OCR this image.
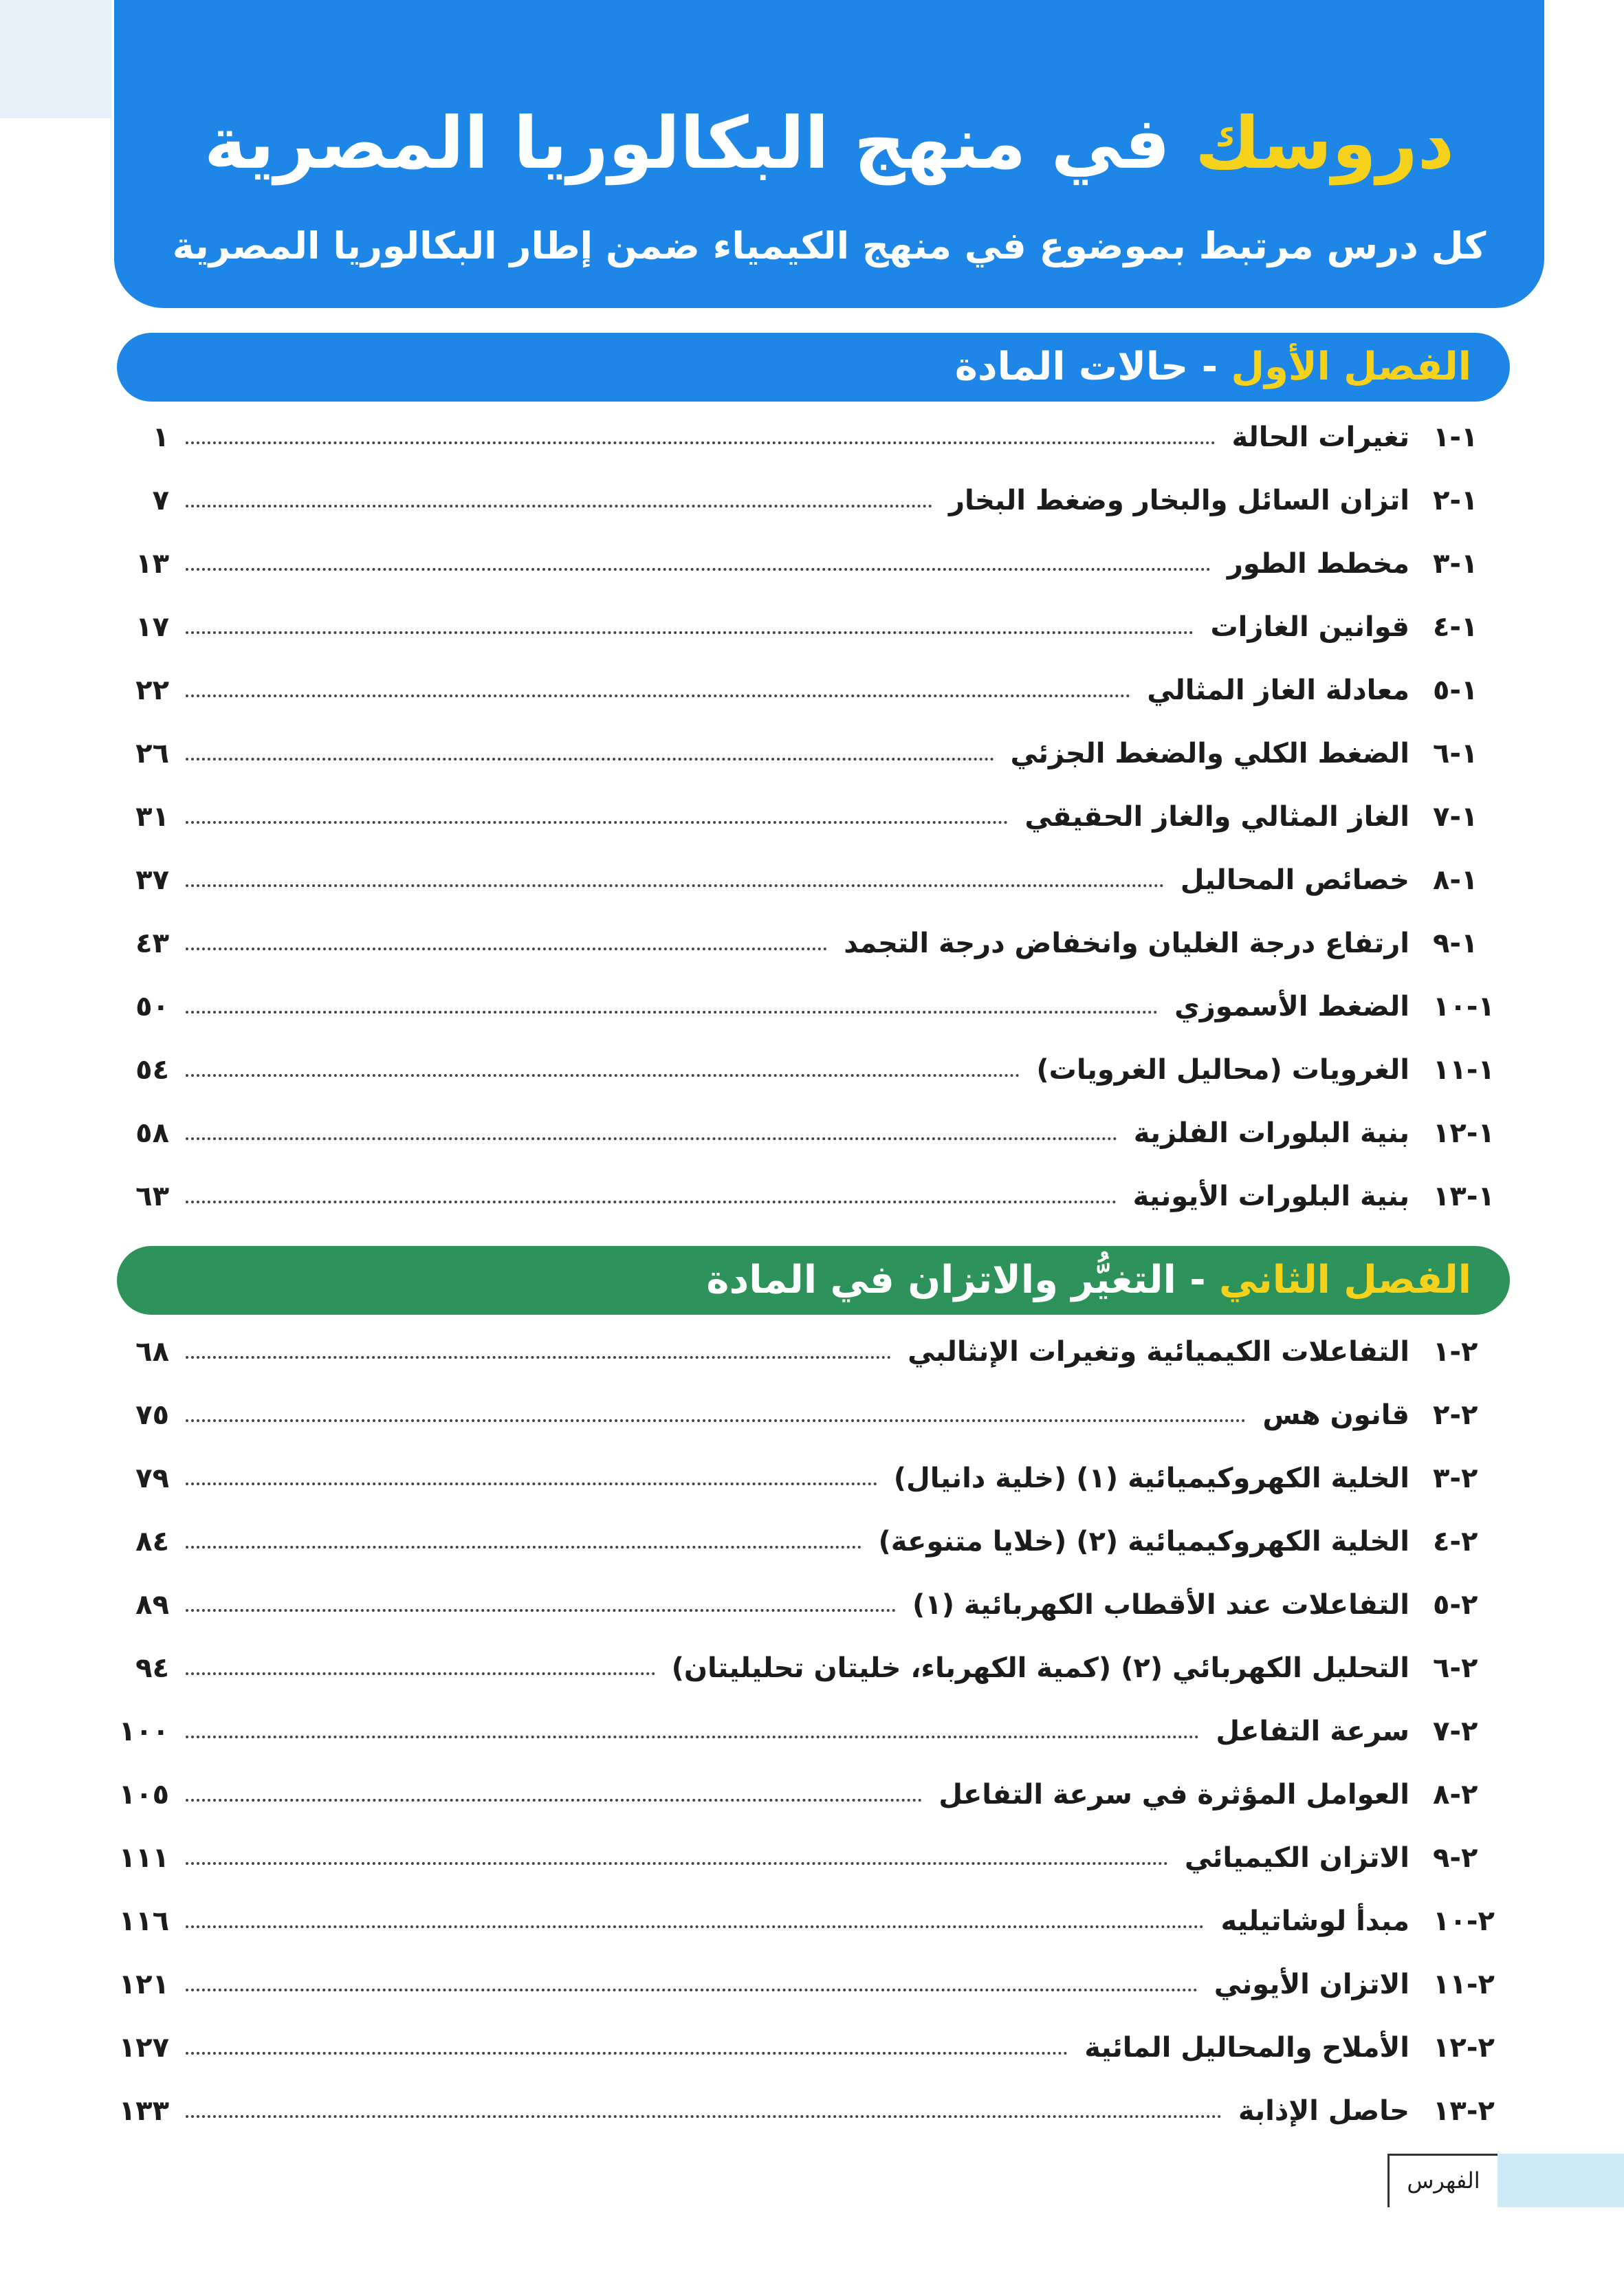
دروسك في منهج البكالوريا المصرية
كل درس مرتبط بموضوع في منهج الكيمياء ضمن إطار البكالوريا المصرية
الفصل الأول - حالات المادة
١-١
تغيرات الحالة
١
١-٢
اتزان السائل والبخار وضغط البخار
٧
١-٣
مخطط الطور
١٣
١-٤
قوانين الغازات
١٧
١-٥
معادلة الغاز المثالي
٢٢
١-٦
الضغط الكلي والضغط الجزئي
٢٦
١-٧
الغاز المثالي والغاز الحقيقي
٣١
١-٨
خصائص المحاليل
٣٧
١-٩
ارتفاع درجة الغليان وانخفاض درجة التجمد
٤٣
١-١٠
الضغط الأسموزي
٥٠
١-١١
الغرويات (محاليل الغرويات)
٥٤
١-١٢
بنية البلورات الفلزية
٥٨
١-١٣
بنية البلورات الأيونية
٦٣
الفصل الثاني - التغيُّر والاتزان في المادة
٢-١
التفاعلات الكيميائية وتغيرات الإنثالبي
٦٨
٢-٢
قانون هس
٧٥
٢-٣
الخلية الكهروكيميائية (١) (خلية دانيال)
٧٩
٢-٤
الخلية الكهروكيميائية (٢) (خلايا متنوعة)
٨٤
٢-٥
التفاعلات عند الأقطاب الكهربائية (١)
٨٩
٢-٦
التحليل الكهربائي (٢) (كمية الكهرباء، خليتان تحليليتان)
٩٤
٢-٧
سرعة التفاعل
١٠٠
٢-٨
العوامل المؤثرة في سرعة التفاعل
١٠٥
٢-٩
الاتزان الكيميائي
١١١
٢-١٠
مبدأ لوشاتيليه
١١٦
٢-١١
الاتزان الأيوني
١٢١
٢-١٢
الأملاح والمحاليل المائية
١٢٧
٢-١٣
حاصل الإذابة
١٣٣
الفهرس
